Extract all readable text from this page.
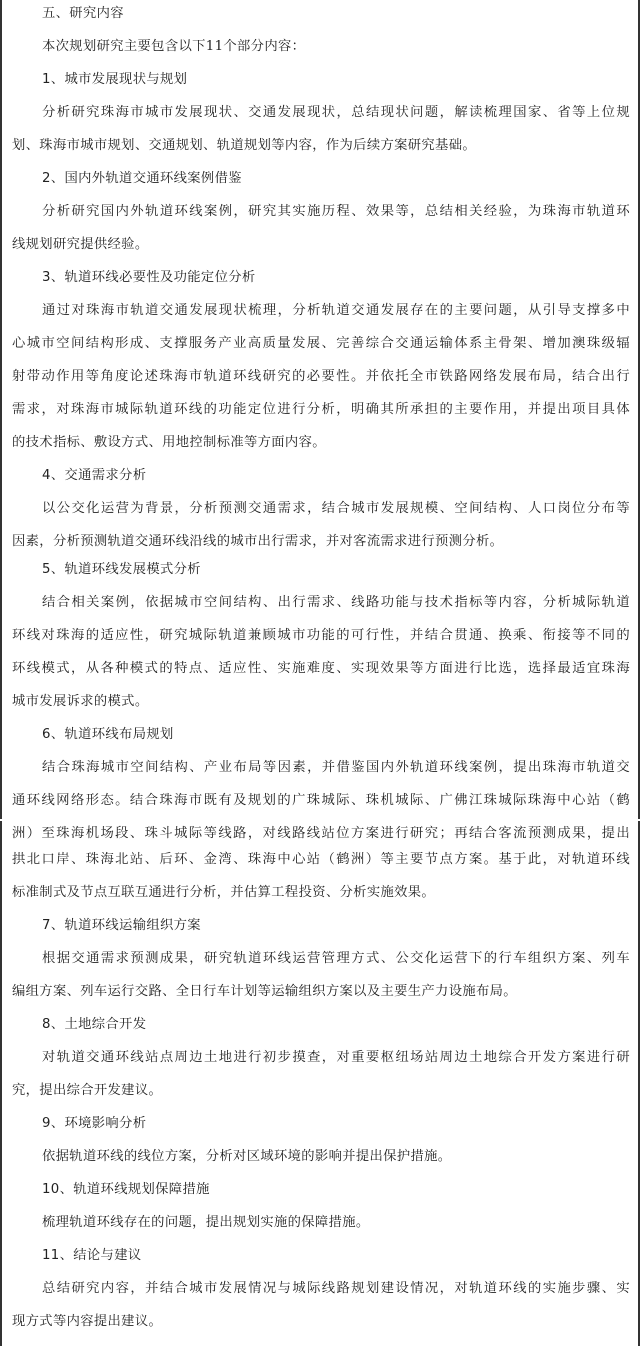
五、研究内容
本次规划研究主要包含以下11个部分内容：
1、城市发展现状与规划
分析研究珠海市城市发展现状、交通发展现状，总结现状问题，解读梳理国家、省等上位规
划、珠海市城市规划、交通规划、轨道规划等内容，作为后续方案研究基础。
2、国内外轨道交通环线案例借鉴
分析研究国内外轨道环线案例，研究其实施历程、效果等，总结相关经验，为珠海市轨道环
线规划研究提供经验。
3、轨道环线必要性及功能定位分析
通过对珠海市轨道交通发展现状梳理，分析轨道交通发展存在的主要问题，从引导支撑多中
心城市空间结构形成、支撑服务产业高质量发展、完善综合交通运输体系主骨架、增加澳珠级辐
射带动作用等角度论述珠海市轨道环线研究的必要性。并依托全市铁路网络发展布局，结合出行
需求，对珠海市城际轨道环线的功能定位进行分析，明确其所承担的主要作用，并提出项目具体
的技术指标、敷设方式、用地控制标准等方面内容。
4、交通需求分析
以公交化运营为背景，分析预测交通需求，结合城市发展规模、空间结构、人口岗位分布等
因素，分析预测轨道交通环线沿线的城市出行需求，并对客流需求进行预测分析。
5、轨道环线发展模式分析
结合相关案例，依据城市空间结构、出行需求、线路功能与技术指标等内容，分析城际轨道
环线对珠海的适应性，研究城际轨道兼顾城市功能的可行性，并结合贯通、换乘、衔接等不同的
环线模式，从各种模式的特点、适应性、实施难度、实现效果等方面进行比选，选择最适宜珠海
城市发展诉求的模式。
6、轨道环线布局规划
结合珠海城市空间结构、产业布局等因素，并借鉴国内外轨道环线案例，提出珠海市轨道交
通环线网络形态。结合珠海市既有及规划的广珠城际、珠机城际、广佛江珠城际珠海中心站（鹤
洲）至珠海机场段、珠斗城际等线路，对线路线站位方案进行研究；再结合客流预测成果，提出
拱北口岸、珠海北站、后环、金湾、珠海中心站（鹤洲）等主要节点方案。基于此，对轨道环线
标准制式及节点互联互通进行分析，并估算工程投资、分析实施效果。
7、轨道环线运输组织方案
根据交通需求预测成果，研究轨道环线运营管理方式、公交化运营下的行车组织方案、列车
编组方案、列车运行交路、全日行车计划等运输组织方案以及主要生产力设施布局。
8、土地综合开发
对轨道交通环线站点周边土地进行初步摸查，对重要枢纽场站周边土地综合开发方案进行研
究，提出综合开发建议。
9、环境影响分析
依据轨道环线的线位方案，分析对区域环境的影响并提出保护措施。
10、轨道环线规划保障措施
梳理轨道环线存在的问题，提出规划实施的保障措施。
11、结论与建议
总结研究内容，并结合城市发展情况与城际线路规划建设情况，对轨道环线的实施步骤、实
现方式等内容提出建议。
